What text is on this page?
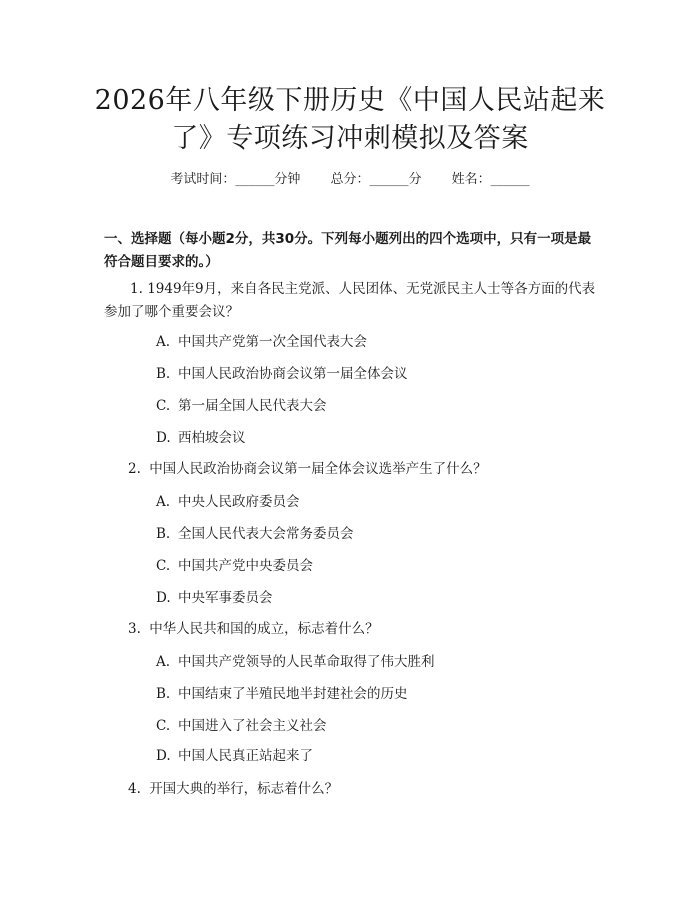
2026年八年级下册历史《中国人民站起来
了》专项练习冲刺模拟及答案
考试时间：______分钟 总分：______分 姓名：______

一、选择题（每小题2分，共30分。下列每小题列出的四个选项中，只有一项是最符合题目要求的。）

1. 1949年9月，来自各民主党派、人民团体、无党派民主人士等各方面的代表参加了哪个重要会议？
A. 中国共产党第一次全国代表大会
B. 中国人民政治协商会议第一届全体会议
C. 第一届全国人民代表大会
D. 西柏坡会议
2. 中国人民政治协商会议第一届全体会议选举产生了什么？
A. 中央人民政府委员会
B. 全国人民代表大会常务委员会
C. 中国共产党中央委员会
D. 中央军事委员会
3. 中华人民共和国的成立，标志着什么？
A. 中国共产党领导的人民革命取得了伟大胜利
B. 中国结束了半殖民地半封建社会的历史
C. 中国进入了社会主义社会
D. 中国人民真正站起来了
4. 开国大典的举行，标志着什么？
